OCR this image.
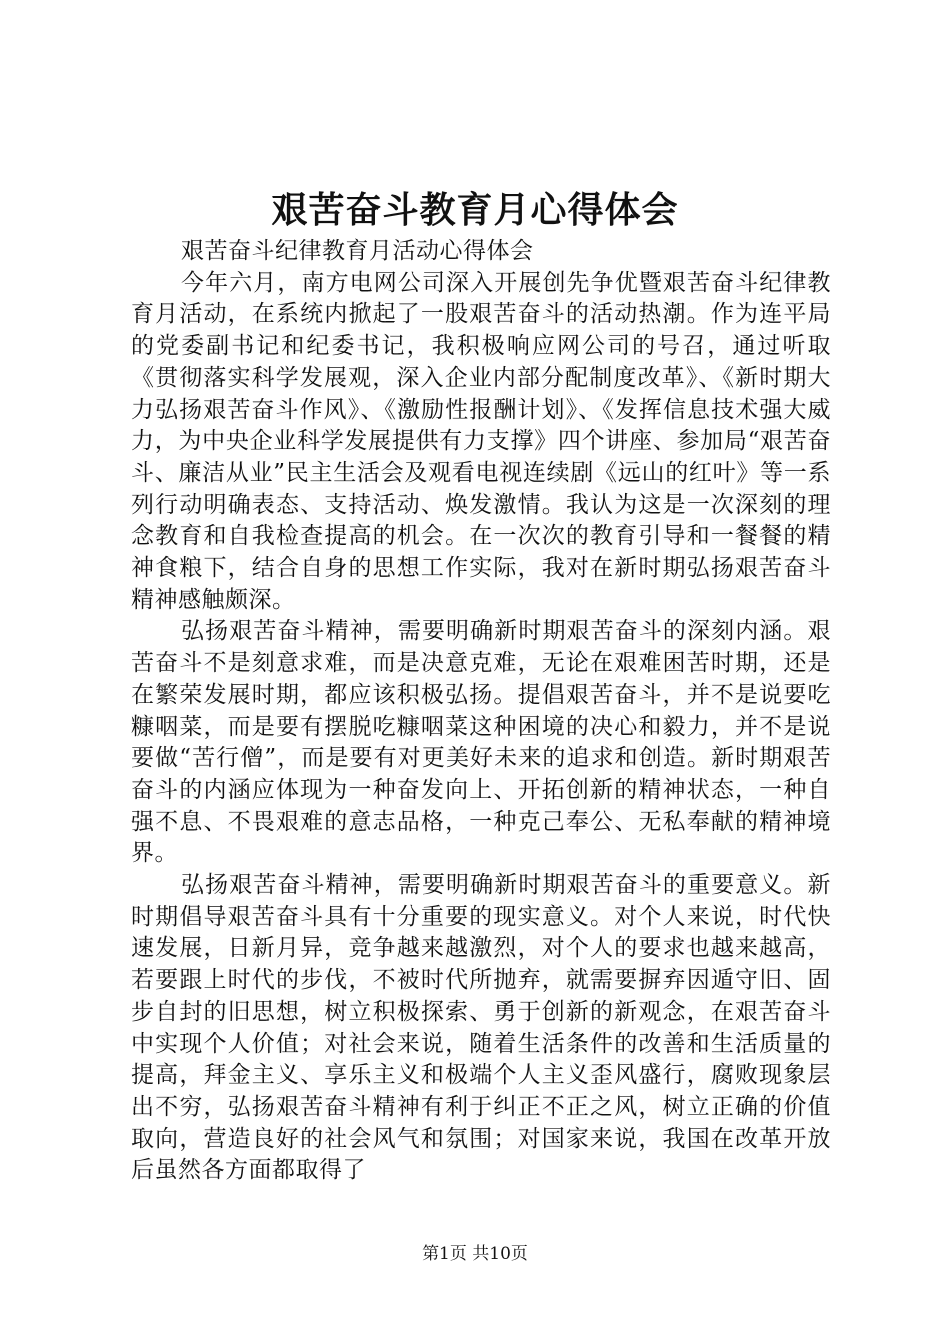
艰苦奋斗教育月心得体会

艰苦奋斗纪律教育月活动心得体会

今年六月，南方电网公司深入开展创先争优暨艰苦奋斗纪律教育月活动，在系统内掀起了一股艰苦奋斗的活动热潮。作为连平局的党委副书记和纪委书记，我积极响应网公司的号召，通过听取《贯彻落实科学发展观，深入企业内部分配制度改革》、《新时期大力弘扬艰苦奋斗作风》、《激励性报酬计划》、《发挥信息技术强大威力，为中央企业科学发展提供有力支撑》四个讲座、参加局“艰苦奋斗、廉洁从业”民主生活会及观看电视连续剧《远山的红叶》等一系列行动明确表态、支持活动、焕发激情。我认为这是一次深刻的理念教育和自我检查提高的机会。在一次次的教育引导和一餐餐的精神食粮下，结合自身的思想工作实际，我对在新时期弘扬艰苦奋斗精神感触颇深。

弘扬艰苦奋斗精神，需要明确新时期艰苦奋斗的深刻内涵。艰苦奋斗不是刻意求难，而是决意克难，无论在艰难困苦时期，还是在繁荣发展时期，都应该积极弘扬。提倡艰苦奋斗，并不是说要吃糠咽菜，而是要有摆脱吃糠咽菜这种困境的决心和毅力，并不是说要做“苦行僧”，而是要有对更美好未来的追求和创造。新时期艰苦奋斗的内涵应体现为一种奋发向上、开拓创新的精神状态，一种自强不息、不畏艰难的意志品格，一种克己奉公、无私奉献的精神境界。

弘扬艰苦奋斗精神，需要明确新时期艰苦奋斗的重要意义。新时期倡导艰苦奋斗具有十分重要的现实意义。对个人来说，时代快速发展，日新月异，竞争越来越激烈，对个人的要求也越来越高，若要跟上时代的步伐，不被时代所抛弃，就需要摒弃因遁守旧、固步自封的旧思想，树立积极探索、勇于创新的新观念，在艰苦奋斗中实现个人价值；对社会来说，随着生活条件的改善和生活质量的提高，拜金主义、享乐主义和极端个人主义歪风盛行，腐败现象层出不穷，弘扬艰苦奋斗精神有利于纠正不正之风，树立正确的价值取向，营造良好的社会风气和氛围；对国家来说，我国在改革开放后虽然各方面都取得了

第1页 共10页
